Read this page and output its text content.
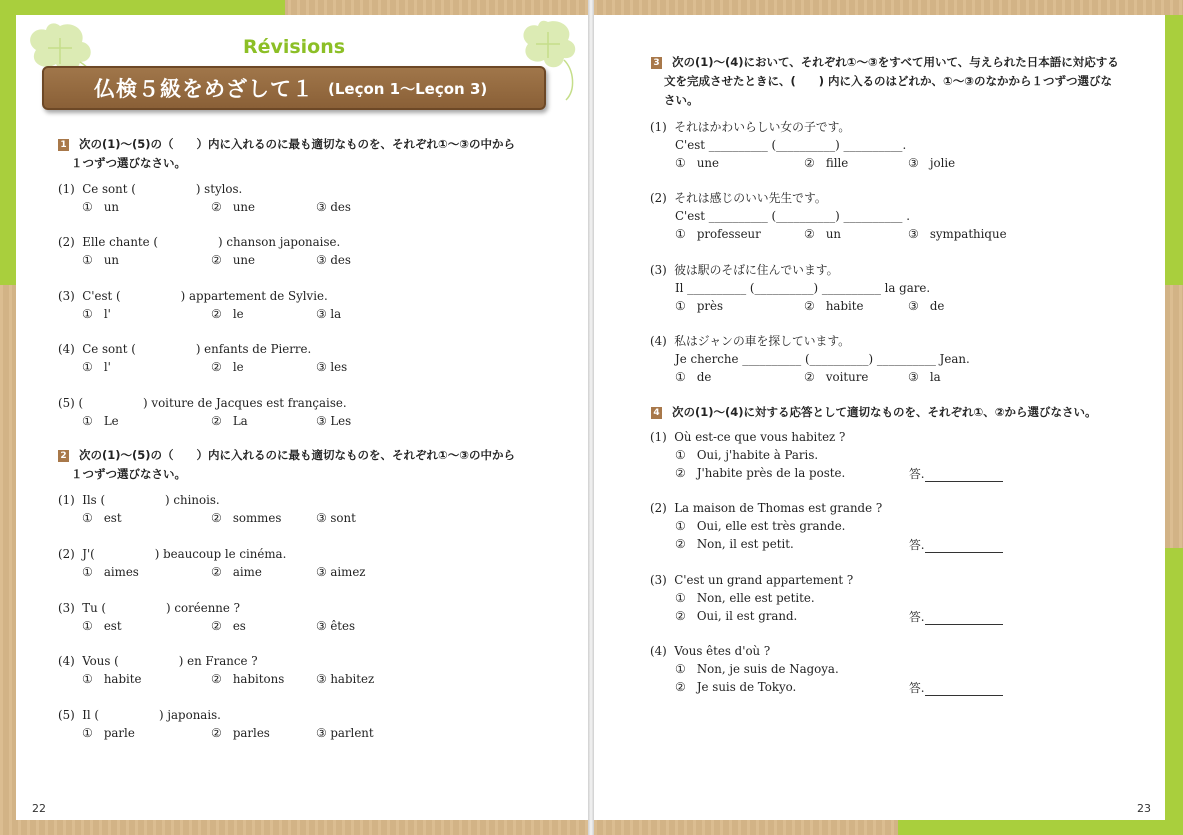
Révisions
仏検５級をめざして１ (Leçon 1～Leçon 3)
1 次の(1)～(5)の（　　）内に入れるのに最も適切なものを、それぞれ①～③の中から
１つずつ選びなさい。
(1)  Ce sont (                ) stylos.
①   un	②   une	③ des
(2)  Elle chante (                ) chanson japonaise.
①   un	②   une	③ des
(3)  C'est (                ) appartement de Sylvie.
①   l'	②   le	③ la
(4)  Ce sont (                ) enfants de Pierre.
①   l'	②   le	③ les
(5) (                ) voiture de Jacques est française.
①   Le	②   La	③ Les
2 次の(1)～(5)の（　　）内に入れるのに最も適切なものを、それぞれ①～③の中から
１つずつ選びなさい。
(1)  Ils (                ) chinois.
①   est	②   sommes	③ sont
(2)  J'(                ) beaucoup le cinéma.
①   aimes	②   aime	③ aimez
(3)  Tu (                ) coréenne ?
①   est	②   es	③ êtes
(4)  Vous (                ) en France ?
①   habite	②   habitons	③ habitez
(5)  Il (                ) japonais.
①   parle	②   parles	③ parlent
22
3 次の(1)～(4)において、それぞれ①～③をすべて用いて、与えられた日本語に対応する
文を完成させたときに、(　　) 内に入るのはどれか、①～③のなかから１つずつ選びな
さい。
(1)  それはかわいらしい女の子です。
C'est __________ (__________) __________.
①   une	②   fille	③   jolie
(2)  それは感じのいい先生です。
C'est __________ (__________) __________ .
①   professeur	②   un	③   sympathique
(3)  彼は駅のそばに住んでいます。
Il __________ (__________) __________ la gare.
①   près	②   habite	③   de
(4)  私はジャンの車を探しています。
Je cherche __________ (__________) __________ Jean.
①   de	②   voiture	③   la
4 次の(1)～(4)に対する応答として適切なものを、それぞれ①、②から選びなさい。
(1)  Où est-ce que vous habitez ?
①   Oui, j'habite à Paris.
②   J'habite près de la poste.	答.
(2)  La maison de Thomas est grande ?
①   Oui, elle est très grande.
②   Non, il est petit.	答.
(3)  C'est un grand appartement ?
①   Non, elle est petite.
②   Oui, il est grand.	答.
(4)  Vous êtes d'où ?
①   Non, je suis de Nagoya.
②   Je suis de Tokyo.	答.
23
